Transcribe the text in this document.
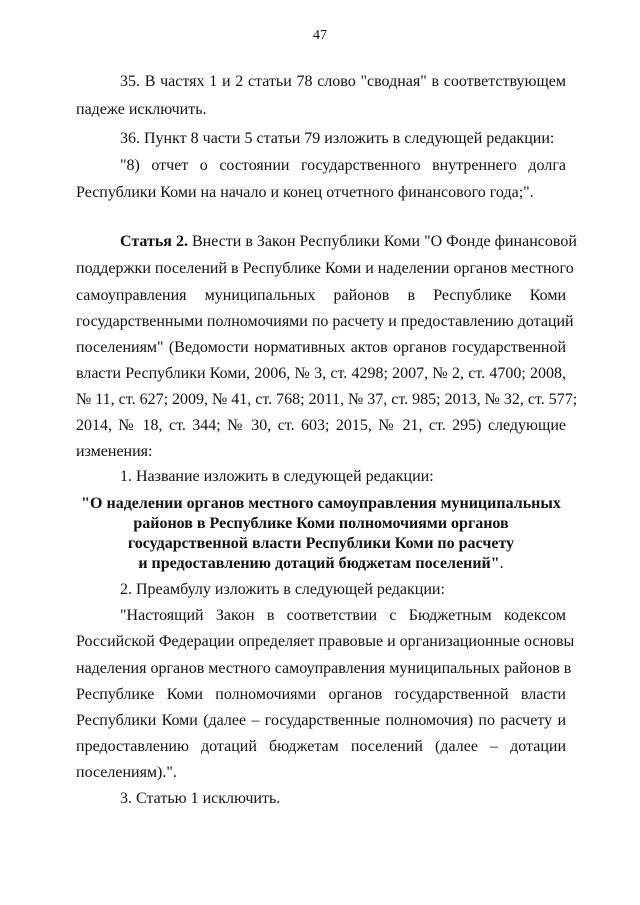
47
35. В частях 1 и 2 статьи 78 слово "сводная" в соответствующем
падеже исключить.
36. Пункт 8 части 5 статьи 79 изложить в следующей редакции:
"8) отчет о состоянии государственного внутреннего долга
Республики Коми на начало и конец отчетного финансового года;".
Статья 2. Внести в Закон Республики Коми "О Фонде финансовой
поддержки поселений в Республике Коми и наделении органов местного
самоуправления муниципальных районов в Республике Коми
государственными полномочиями по расчету и предоставлению дотаций
поселениям" (Ведомости нормативных актов органов государственной
власти Республики Коми, 2006, № 3, ст. 4298; 2007, № 2, ст. 4700; 2008,
№ 11, ст. 627; 2009, № 41, ст. 768; 2011, № 37, ст. 985; 2013, № 32, ст. 577;
2014, № 18, ст. 344; № 30, ст. 603; 2015, № 21, ст. 295) следующие
изменения:
1. Название изложить в следующей редакции:
"О наделении органов местного самоуправления муниципальных
районов в Республике Коми полномочиями органов
государственной власти Республики Коми по расчету
и предоставлению дотаций бюджетам поселений".
2. Преамбулу изложить в следующей редакции:
"Настоящий Закон в соответствии с Бюджетным кодексом
Российской Федерации определяет правовые и организационные основы
наделения органов местного самоуправления муниципальных районов в
Республике Коми полномочиями органов государственной власти
Республики Коми (далее – государственные полномочия) по расчету и
предоставлению дотаций бюджетам поселений (далее – дотации
поселениям).".
3. Статью 1 исключить.
